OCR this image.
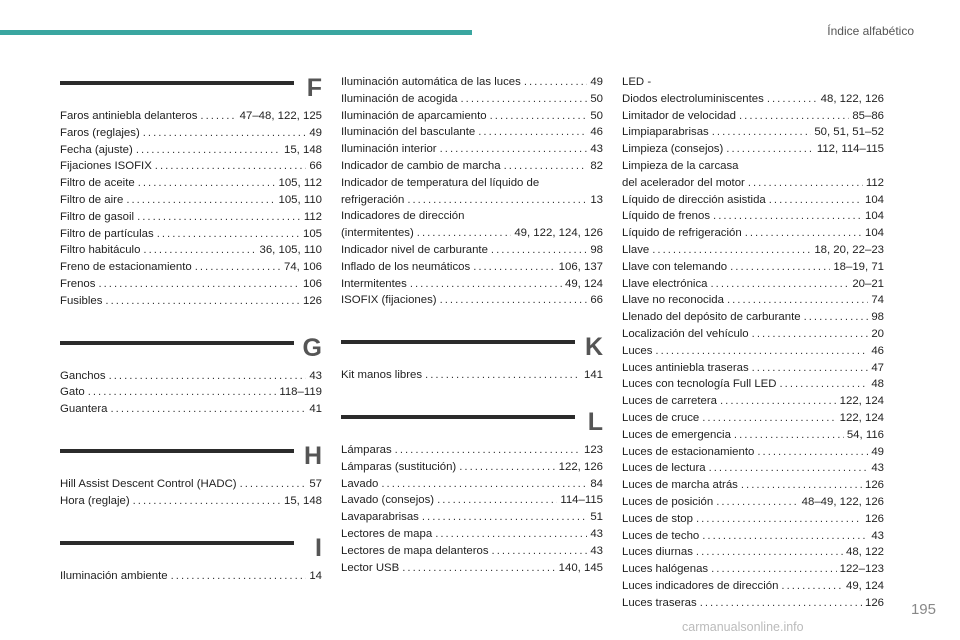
Índice alfabético
F
Faros antiniebla delanteros .....	47–48, 122, 125
Faros (reglajes) .....	49
Fecha (ajuste) .....	15, 148
Fijaciones ISOFIX .....	66
Filtro de aceite .....	105, 112
Filtro de aire .....	105, 110
Filtro de gasoil .....	112
Filtro de partículas .....	105
Filtro habitáculo .....	36, 105, 110
Freno de estacionamiento .....	74, 106
Frenos .....	106
Fusibles .....	126
G
Ganchos .....	43
Gato .....	118–119
Guantera .....	41
H
Hill Assist Descent Control (HADC) .....	57
Hora (reglaje) .....	15, 148
I
Iluminación ambiente .....	14
Iluminación automática de las luces .....	49
Iluminación de acogida .....	50
Iluminación de aparcamiento .....	50
Iluminación del basculante .....	46
Iluminación interior .....	43
Indicador de cambio de marcha .....	82
Indicador de temperatura del líquido de
refrigeración .....	13
Indicadores de dirección
(intermitentes) .....	49, 122, 124, 126
Indicador nivel de carburante .....	98
Inflado de los neumáticos .....	106, 137
Intermitentes .....	49, 124
ISOFIX (fijaciones) .....	66
K
Kit manos libres .....	141
L
Lámparas .....	123
Lámparas (sustitución) .....	122, 126
Lavado .....	84
Lavado (consejos) .....	114–115
Lavaparabrisas .....	51
Lectores de mapa .....	43
Lectores de mapa delanteros .....	43
Lector USB .....	140, 145
LED -
Diodos electroluminiscentes .....	48, 122, 126
Limitador de velocidad .....	85–86
Limpiaparabrisas .....	50, 51, 51–52
Limpieza (consejos) .....	112, 114–115
Limpieza de la carcasa
del acelerador del motor .....	112
Líquido de dirección asistida .....	104
Líquido de frenos .....	104
Líquido de refrigeración .....	104
Llave .....	18, 20, 22–23
Llave con telemando .....	18–19, 71
Llave electrónica .....	20–21
Llave no reconocida .....	74
Llenado del depósito de carburante .....	98
Localización del vehículo .....	20
Luces .....	46
Luces antiniebla traseras .....	47
Luces con tecnología Full LED .....	48
Luces de carretera .....	122, 124
Luces de cruce .....	122, 124
Luces de emergencia .....	54, 116
Luces de estacionamiento .....	49
Luces de lectura .....	43
Luces de marcha atrás .....	126
Luces de posición .....	48–49, 122, 126
Luces de stop .....	126
Luces de techo .....	43
Luces diurnas .....	48, 122
Luces halógenas .....	122–123
Luces indicadores de dirección .....	49, 124
Luces traseras .....	126 195
carmanualsonline.info
